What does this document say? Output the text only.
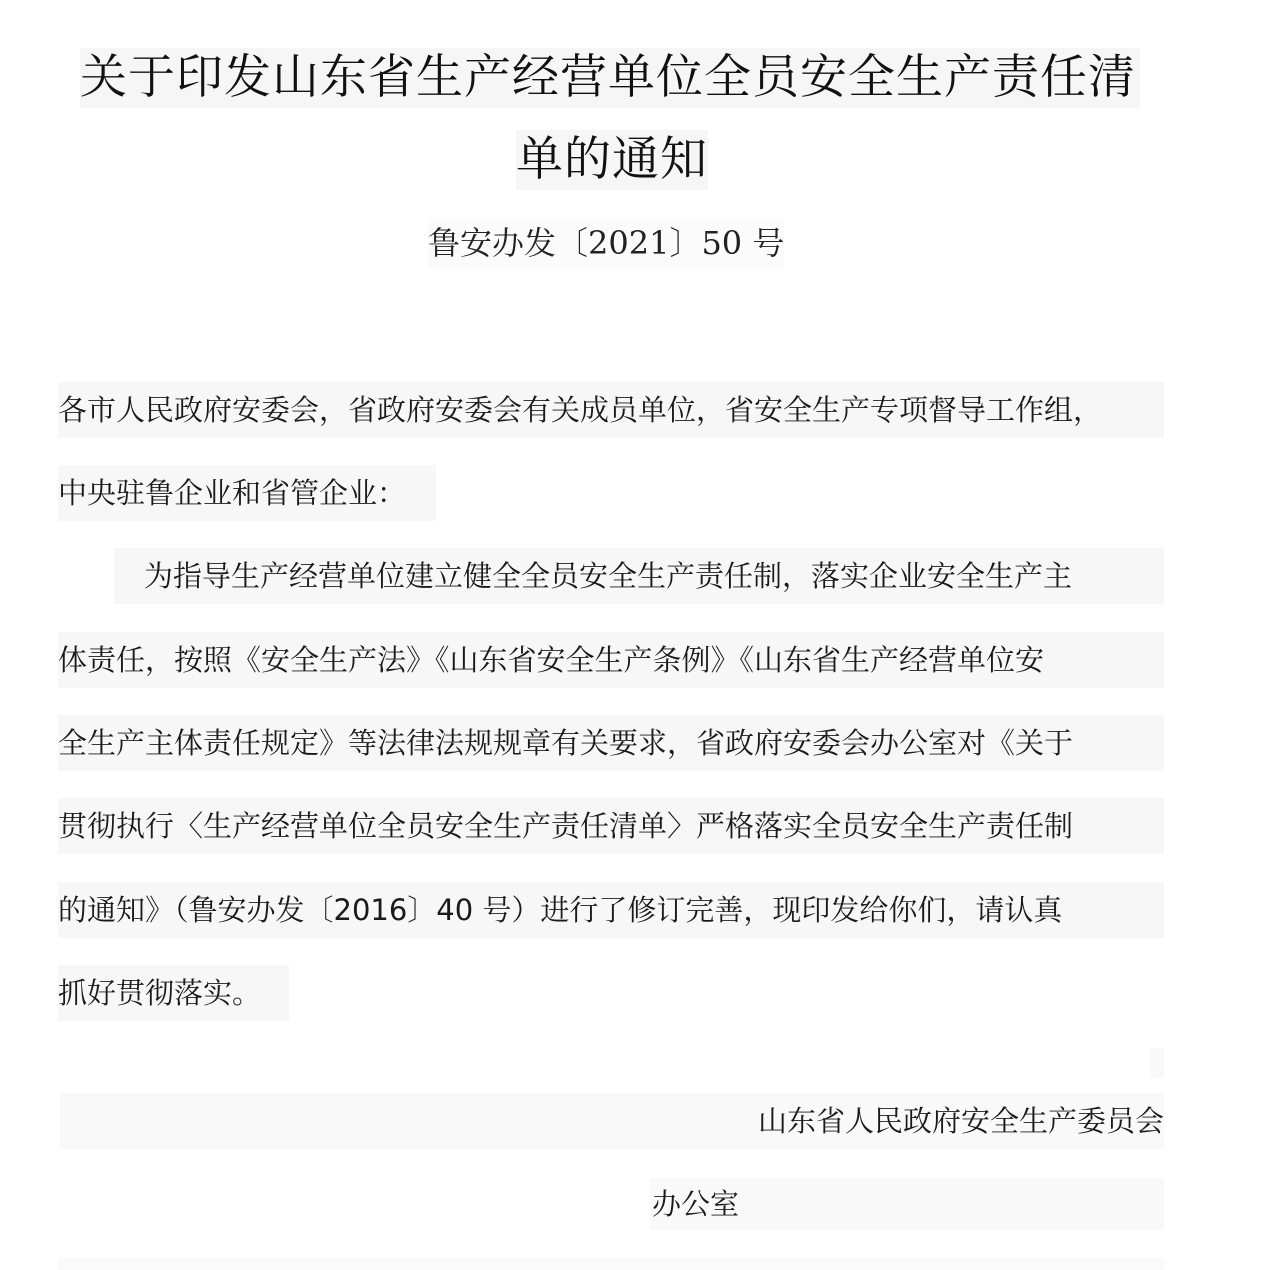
关于印发山东省生产经营单位全员安全生产责任清
单的通知
鲁安办发〔2021〕50 号
各市人民政府安委会，省政府安委会有关成员单位，省安全生产专项督导工作组，
中央驻鲁企业和省管企业：
为指导生产经营单位建立健全全员安全生产责任制，落实企业安全生产主
体责任，按照《安全生产法》《山东省安全生产条例》《山东省生产经营单位安
全生产主体责任规定》等法律法规规章有关要求，省政府安委会办公室对《关于
贯彻执行〈生产经营单位全员安全生产责任清单〉严格落实全员安全生产责任制
的通知》（鲁安办发〔2016〕40 号）进行了修订完善，现印发给你们，请认真
抓好贯彻落实。
山东省人民政府安全生产委员会
办公室
